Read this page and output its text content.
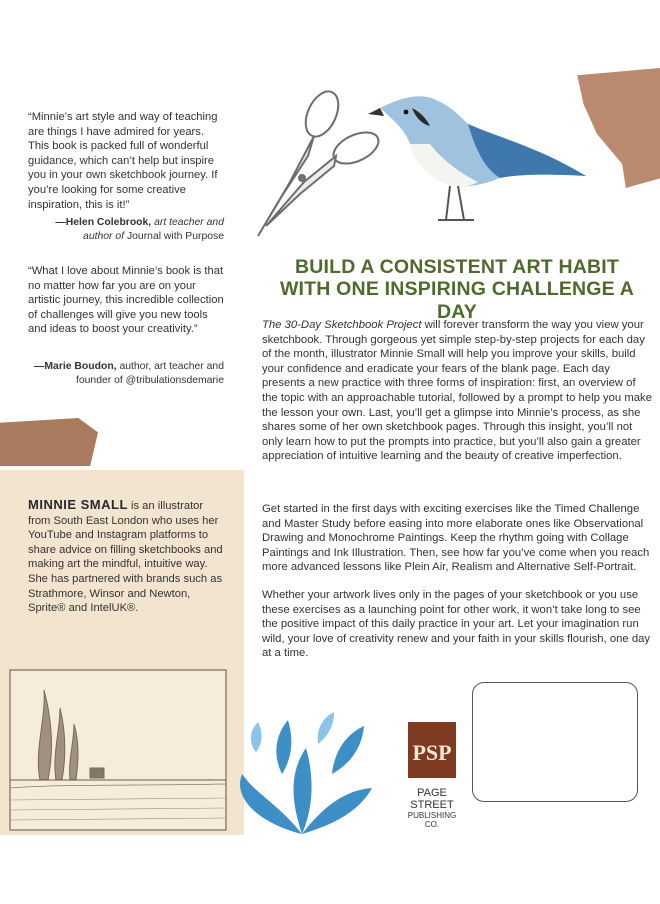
“Minnie’s art style and way of teaching are things I have admired for years. This book is packed full of wonderful guidance, which can’t help but inspire you in your own sketchbook journey. If you’re looking for some creative inspiration, this is it!”
—Helen Colebrook, art teacher and author of Journal with Purpose
“What I love about Minnie’s book is that no matter how far you are on your artistic journey, this incredible collection of challenges will give you new tools and ideas to boost your creativity.”
—Marie Boudon, author, art teacher and founder of @tribulationsdemarie
MINNIE SMALL is an illustrator from South East London who uses her YouTube and Instagram platforms to share advice on filling sketchbooks and making art the mindful, intuitive way. She has partnered with brands such as Strathmore, Winsor and Newton, Sprite® and IntelUK®.
BUILD A CONSISTENT ART HABIT
WITH ONE INSPIRING CHALLENGE A DAY
The 30-Day Sketchbook Project will forever transform the way you view your sketchbook. Through gorgeous yet simple step-by-step projects for each day of the month, illustrator Minnie Small will help you improve your skills, build your confidence and eradicate your fears of the blank page. Each day presents a new practice with three forms of inspiration: first, an overview of the topic with an approachable tutorial, followed by a prompt to help you make the lesson your own. Last, you’ll get a glimpse into Minnie’s process, as she shares some of her own sketchbook pages. Through this insight, you’ll not only learn how to put the prompts into practice, but you’ll also gain a greater appreciation of intuitive learning and the beauty of creative imperfection.
Get started in the first days with exciting exercises like the Timed Challenge and Master Study before easing into more elaborate ones like Observational Drawing and Monochrome Paintings. Keep the rhythm going with Collage Paintings and Ink Illustration. Then, see how far you’ve come when you reach more advanced lessons like Plein Air, Realism and Alternative Self-Portrait.
Whether your artwork lives only in the pages of your sketchbook or you use these exercises as a launching point for other work, it won’t take long to see the positive impact of this daily practice in your art. Let your imagination run wild, your love of creativity renew and your faith in your skills flourish, one day at a time.
PSP
PAGE STREET
PUBLISHING CO.
